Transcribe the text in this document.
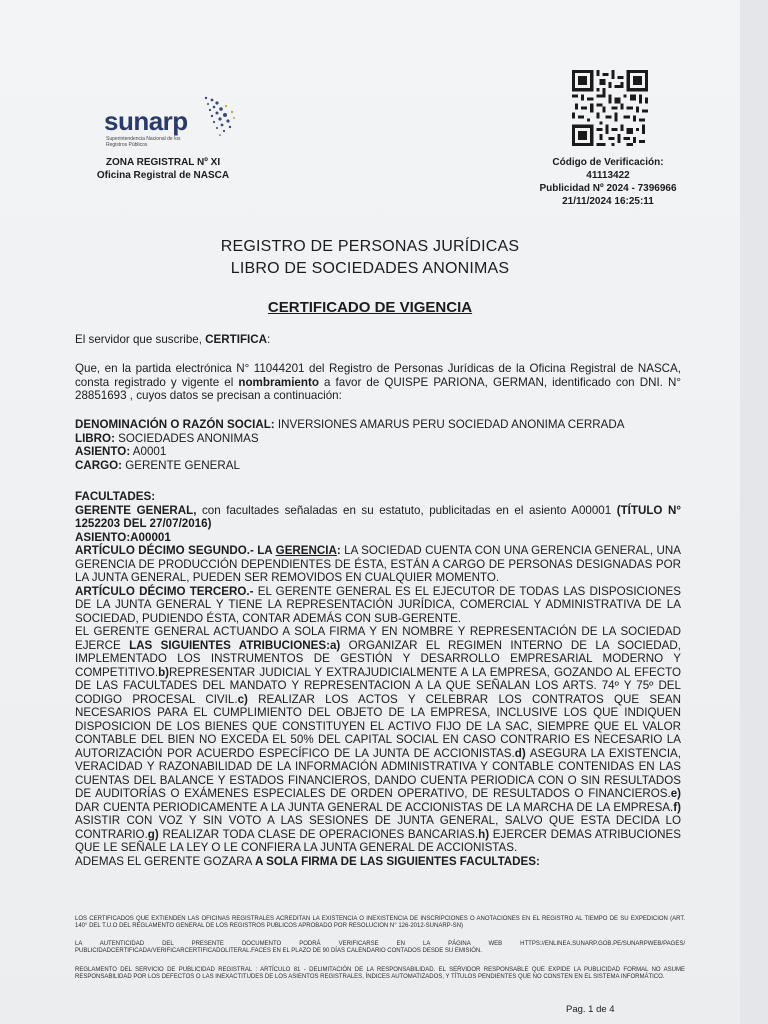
sunarp
Superintendencia Nacional de los Registros Públicos
ZONA REGISTRAL Nº XI
Oficina Registral de NASCA
Código de Verificación:
41113422
Publicidad Nº 2024 - 7396966
21/11/2024 16:25:11
REGISTRO DE PERSONAS JURÍDICAS
LIBRO DE SOCIEDADES ANONIMAS
CERTIFICADO DE VIGENCIA

El servidor que suscribe, CERTIFICA:

Que, en la partida electrónica N° 11044201 del Registro de Personas Jurídicas de la Oficina Registral de NASCA, consta registrado y vigente el nombramiento a favor de QUISPE PARIONA, GERMAN, identificado con DNI. N° 28851693 , cuyos datos se precisan a continuación:

DENOMINACIÓN O RAZÓN SOCIAL: INVERSIONES AMARUS PERU SOCIEDAD ANONIMA CERRADA
LIBRO: SOCIEDADES ANONIMAS
ASIENTO: A0001
CARGO: GERENTE GENERAL

FACULTADES:

GERENTE GENERAL, con facultades señaladas en su estatuto, publicitadas en el asiento A00001 (TÍTULO N° 1252203 DEL 27/07/2016)

ASIENTO:A00001

ARTÍCULO DÉCIMO SEGUNDO.- LA GERENCIA: LA SOCIEDAD CUENTA CON UNA GERENCIA GENERAL, UNA GERENCIA DE PRODUCCIÓN DEPENDIENTES DE ÉSTA, ESTÁN A CARGO DE PERSONAS DESIGNADAS POR LA JUNTA GENERAL, PUEDEN SER REMOVIDOS EN CUALQUIER MOMENTO.

ARTÍCULO DÉCIMO TERCERO.- EL GERENTE GENERAL ES EL EJECUTOR DE TODAS LAS DISPOSICIONES DE LA JUNTA GENERAL Y TIENE LA REPRESENTACIÓN JURÍDICA, COMERCIAL Y ADMINISTRATIVA DE LA SOCIEDAD, PUDIENDO ÉSTA, CONTAR ADEMÁS CON SUB-GERENTE.

EL GERENTE GENERAL ACTUANDO A SOLA FIRMA Y EN NOMBRE Y REPRESENTACIÓN DE LA SOCIEDAD EJERCE LAS SIGUIENTES ATRIBUCIONES:a) ORGANIZAR EL REGIMEN INTERNO DE LA SOCIEDAD, IMPLEMENTADO LOS INSTRUMENTOS DE GESTIÓN Y DESARROLLO EMPRESARIAL MODERNO Y COMPETITIVO.b)REPRESENTAR JUDICIAL Y EXTRAJUDICIALMENTE A LA EMPRESA, GOZANDO AL EFECTO DE LAS FACULTADES DEL MANDATO Y REPRESENTACION A LA QUE SEÑALAN LOS ARTS. 74º Y 75º DEL CODIGO PROCESAL CIVIL.c) REALIZAR LOS ACTOS Y CELEBRAR LOS CONTRATOS QUE SEAN NECESARIOS PARA EL CUMPLIMIENTO DEL OBJETO DE LA EMPRESA, INCLUSIVE LOS QUE INDIQUEN DISPOSICION DE LOS BIENES QUE CONSTITUYEN EL ACTIVO FIJO DE LA SAC, SIEMPRE QUE EL VALOR CONTABLE DEL BIEN NO EXCEDA EL 50% DEL CAPITAL SOCIAL EN CASO CONTRARIO ES NECESARIO LA AUTORIZACIÓN POR ACUERDO ESPECÍFICO DE LA JUNTA DE ACCIONISTAS.d) ASEGURA LA EXISTENCIA, VERACIDAD Y RAZONABILIDAD DE LA INFORMACIÓN ADMINISTRATIVA Y CONTABLE CONTENIDAS EN LAS CUENTAS DEL BALANCE Y ESTADOS FINANCIEROS, DANDO CUENTA PERIODICA CON O SIN RESULTADOS DE AUDITORÍAS O EXÁMENES ESPECIALES DE ORDEN OPERATIVO, DE RESULTADOS O FINANCIEROS.e) DAR CUENTA PERIODICAMENTE A LA JUNTA GENERAL DE ACCIONISTAS DE LA MARCHA DE LA EMPRESA.f) ASISTIR CON VOZ Y SIN VOTO A LAS SESIONES DE JUNTA GENERAL, SALVO QUE ESTA DECIDA LO CONTRARIO.g) REALIZAR TODA CLASE DE OPERACIONES BANCARIAS.h) EJERCER DEMAS ATRIBUCIONES QUE LE SEÑALE LA LEY O LE CONFIERA LA JUNTA GENERAL DE ACCIONISTAS.

ADEMAS EL GERENTE GOZARA A SOLA FIRMA DE LAS SIGUIENTES FACULTADES:

LOS CERTIFICADOS QUE EXTIENDEN LAS OFICINAS REGISTRALES ACREDITAN LA EXISTENCIA O INEXISTENCIA DE INSCRIPCIONES O ANOTACIONES EN EL REGISTRO AL TIEMPO DE SU EXPEDICION (ART. 140° DEL T.U.O DEL REGLAMENTO GENERAL DE LOS REGISTROS PUBLICOS APROBADO POR RESOLUCION N° 126-2012-SUNARP-SN)

LA AUTENTICIDAD DEL PRESENTE DOCUMENTO PODRÁ VERIFICARSE EN LA PÁGINA WEB HTTPS://ENLINEA.SUNARP.GOB.PE/SUNARPWEB/PAGES/ PUBLICIDADCERTIFICADA/VERIFICARCERTIFICADOLITERAL.FACES EN EL PLAZO DE 90 DÍAS CALENDARIO CONTADOS DESDE SU EMISIÓN.

REGLAMENTO DEL SERVICIO DE PUBLICIDAD REGISTRAL : ARTÍCULO 81 - DELIMITACIÓN DE LA RESPONSABILIDAD. EL SERVIDOR RESPONSABLE QUE EXPIDE LA PUBLICIDAD FORMAL NO ASUME RESPONSABILIDAD POR LOS DEFECTOS O LAS INEXACTITUDES DE LOS ASIENTOS REGISTRALES, ÍNDICES AUTOMATIZADOS, Y TÍTULOS PENDIENTES QUE NO CONSTEN EN EL SISTEMA INFORMÁTICO.

Pag. 1 de 4
